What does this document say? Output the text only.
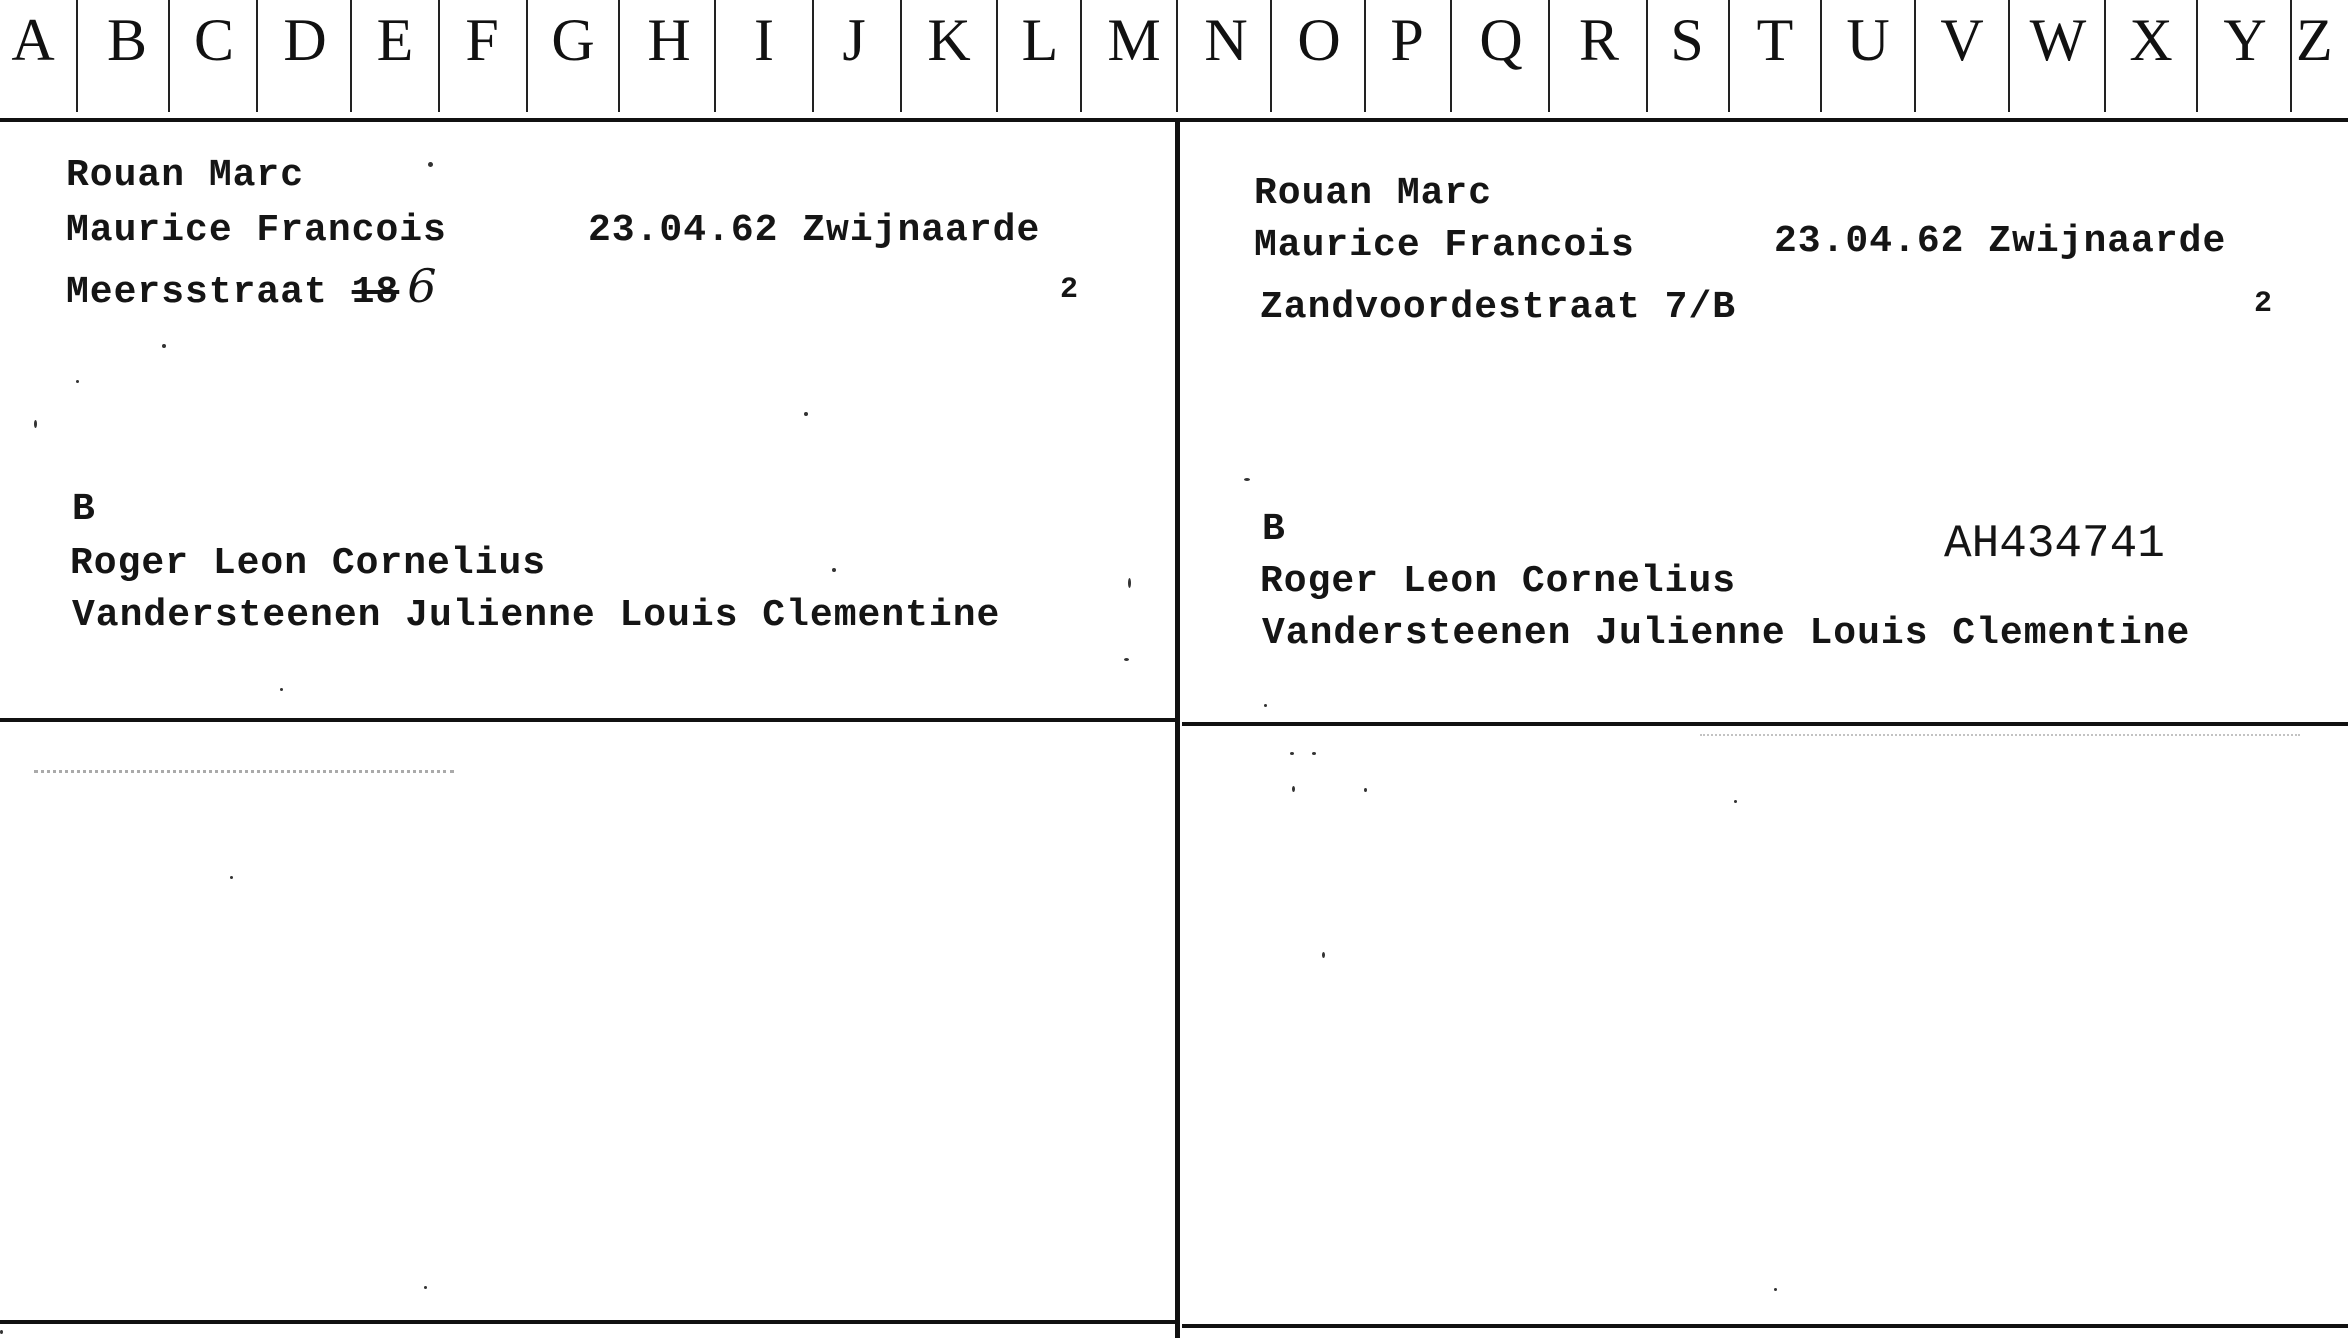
A B C D E F G H	I	J	K L M N O P Q R S T U V W X Y Z

Rouan Marc

Maurice Francois

	23.04.62 Zwijnaarde

Meersstraat 18 6

	2

B

Roger Leon Cornelius

Vandersteenen Julienne Louis Clementine

Rouan Marc

Maurice Francois

	23.04.62 Zwijnaarde

Zandvoordestraat 7/B

	2

B

	AH434741

Roger Leon Cornelius

Vandersteenen Julienne Louis Clementine
